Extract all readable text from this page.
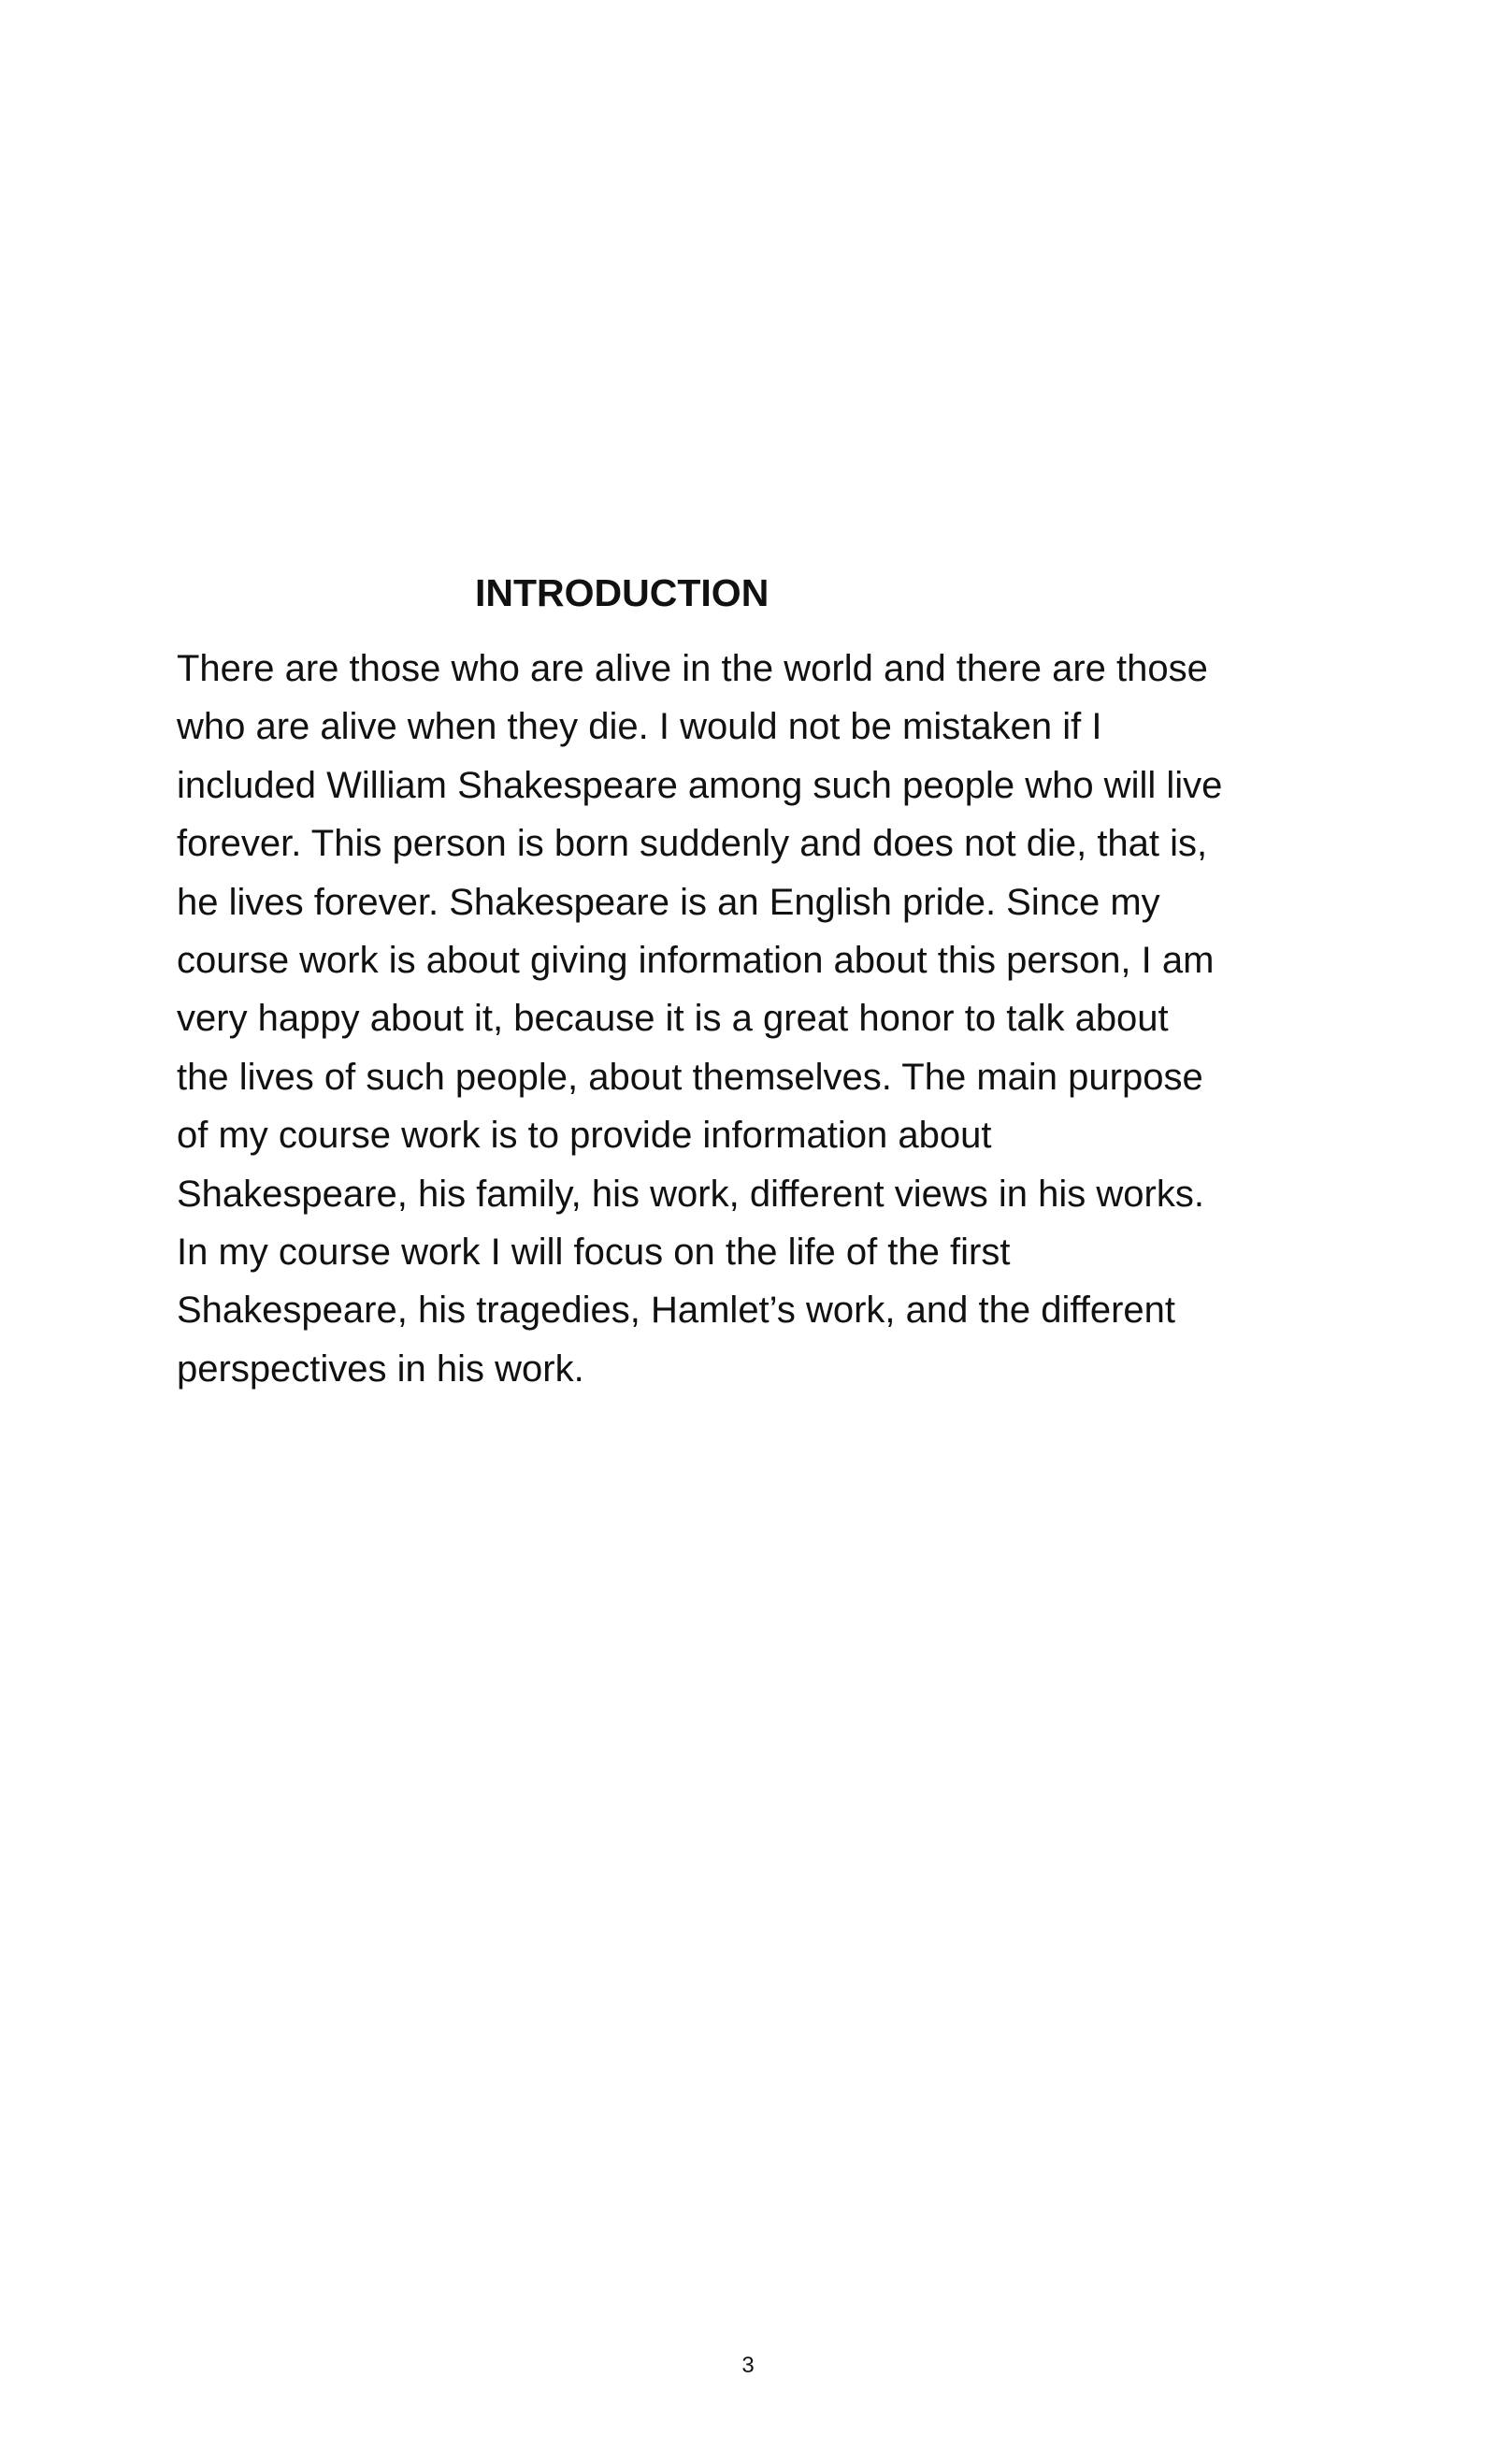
INTRODUCTION
There are those who are alive in the world and there are those
who are alive when they die. I would not be mistaken if I
included William Shakespeare among such people who will live
forever. This person is born suddenly and does not die, that is,
he lives forever. Shakespeare is an English pride. Since my
course work is about giving information about this person, I am
very happy about it, because it is a great honor to talk about
the lives of such people, about themselves. The main purpose
of my course work is to provide information about
Shakespeare, his family, his work, different views in his works.
In my course work I will focus on the life of the first
Shakespeare, his tragedies, Hamlet’s work, and the different
perspectives in his work.
3
